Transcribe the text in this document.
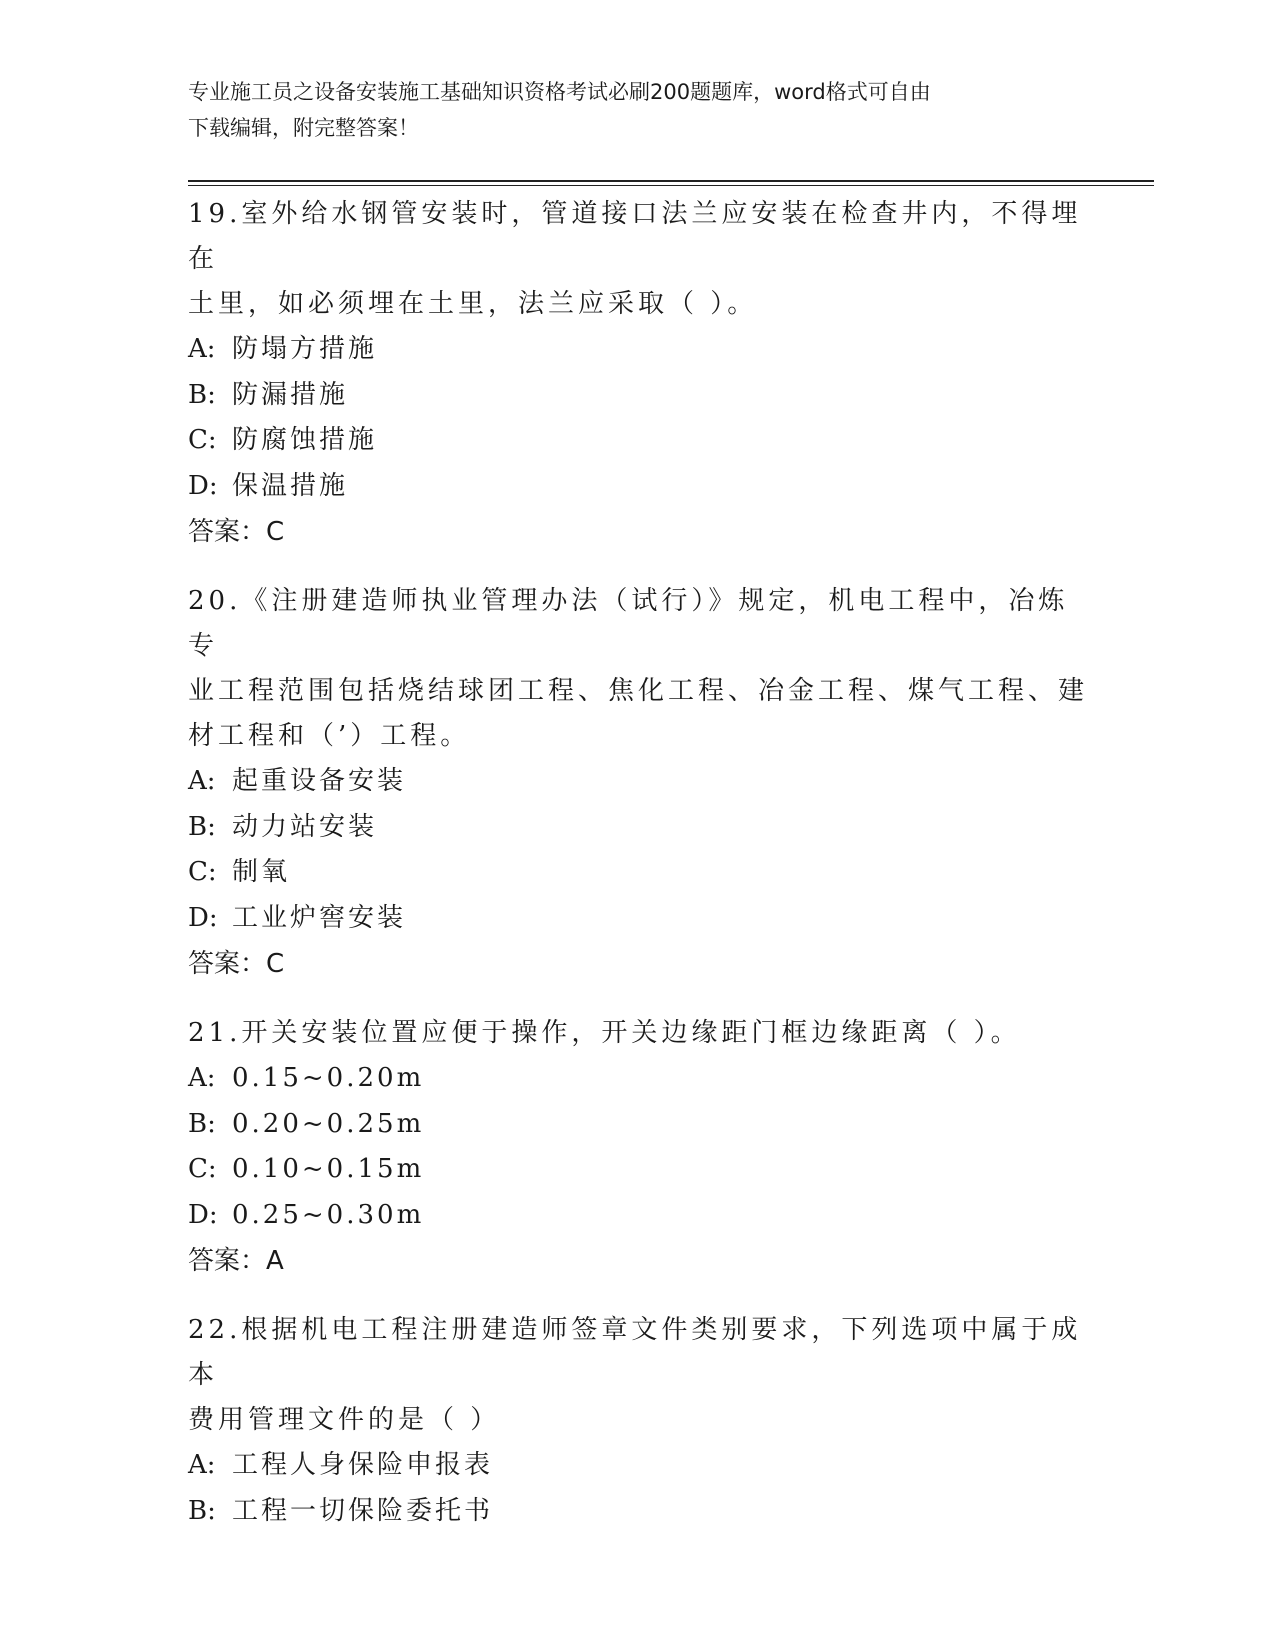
专业施工员之设备安装施工基础知识资格考试必刷200题题库，word格式可自由
下载编辑，附完整答案！

19.室外给水钢管安装时，管道接口法兰应安装在检查井内，不得埋在

土里，如必须埋在土里，法兰应采取（ ）。

A: 防塌方措施

B: 防漏措施

C: 防腐蚀措施

D: 保温措施

答案：C

20.《注册建造师执业管理办法（试行）》规定，机电工程中，冶炼专

业工程范围包括烧结球团工程、焦化工程、冶金工程、煤气工程、建

材工程和（’）工程。

A: 起重设备安装

B: 动力站安装

C: 制氧

D: 工业炉窖安装

答案：C

21.开关安装位置应便于操作，开关边缘距门框边缘距离（ ）。

A: 0.15~0.20m

B: 0.20~0.25m

C: 0.10~0.15m

D: 0.25~0.30m

答案：A

22.根据机电工程注册建造师签章文件类别要求，下列选项中属于成本

费用管理文件的是（ ）

A: 工程人身保险申报表

B: 工程一切保险委托书
